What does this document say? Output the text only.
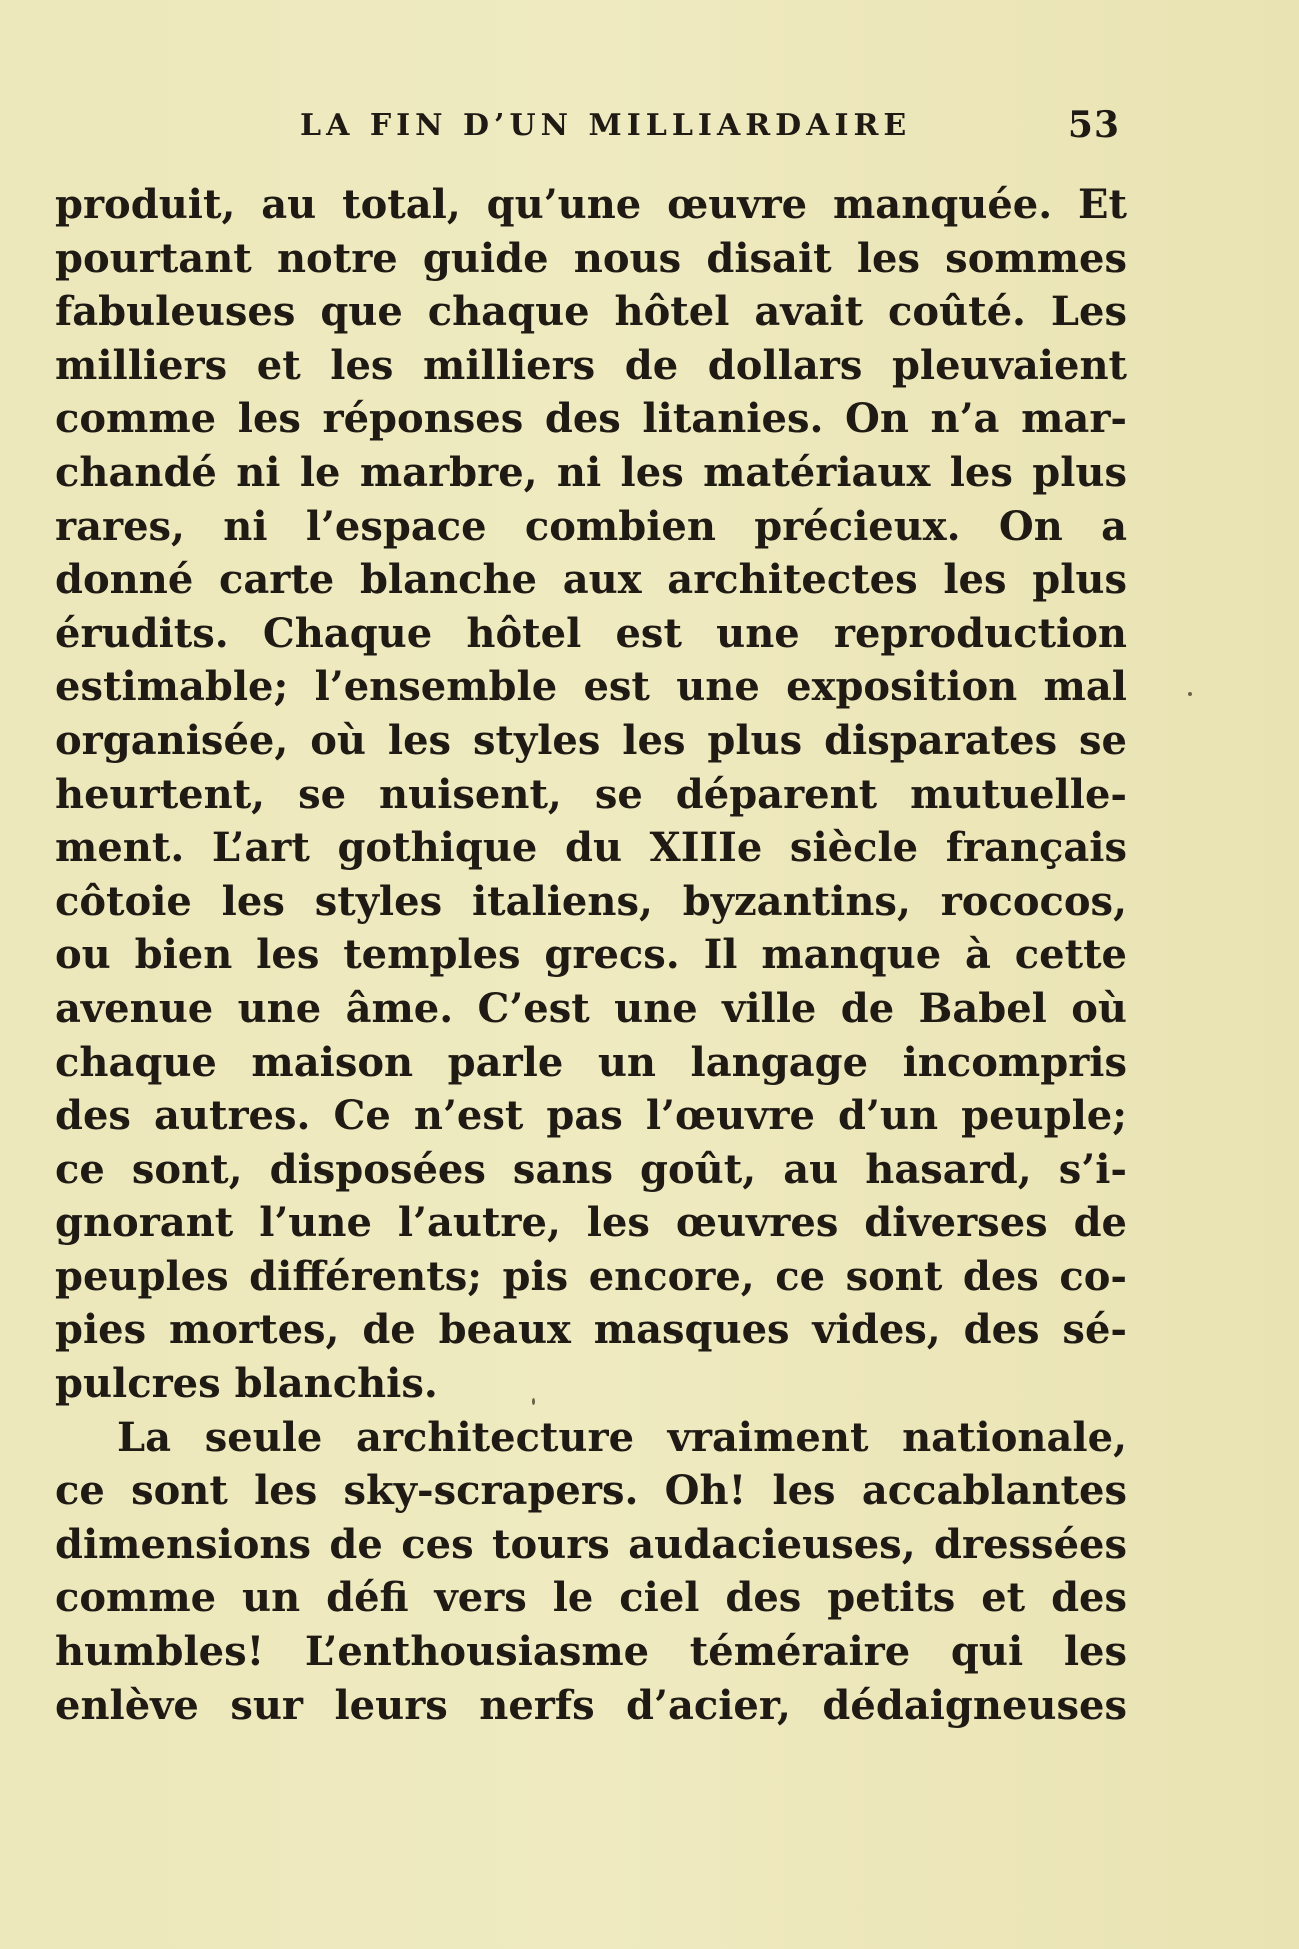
LA FIN D’UN MILLIARDAIRE	53
produit, au total, qu’une œuvre manquée. Et
pourtant notre guide nous disait les sommes
fabuleuses que chaque hôtel avait coûté. Les
milliers et les milliers de dollars pleuvaient
comme les réponses des litanies. On n’a mar-
chandé ni le marbre, ni les matériaux les plus
rares, ni l’espace combien précieux. On a
donné carte blanche aux architectes les plus
érudits. Chaque hôtel est une reproduction
estimable; l’ensemble est une exposition mal
organisée, où les styles les plus disparates se
heurtent, se nuisent, se déparent mutuelle-
ment. L’art gothique du XIIIe siècle français
côtoie les styles italiens, byzantins, rococos,
ou bien les temples grecs. Il manque à cette
avenue une âme. C’est une ville de Babel où
chaque maison parle un langage incompris
des autres. Ce n’est pas l’œuvre d’un peuple;
ce sont, disposées sans goût, au hasard, s’i-
gnorant l’une l’autre, les œuvres diverses de
peuples différents; pis encore, ce sont des co-
pies mortes, de beaux masques vides, des sé-
pulcres blanchis.
La seule architecture vraiment nationale,
ce sont les sky-scrapers. Oh! les accablantes
dimensions de ces tours audacieuses, dressées
comme un défi vers le ciel des petits et des
humbles! L’enthousiasme téméraire qui les
enlève sur leurs nerfs d’acier, dédaigneuses
